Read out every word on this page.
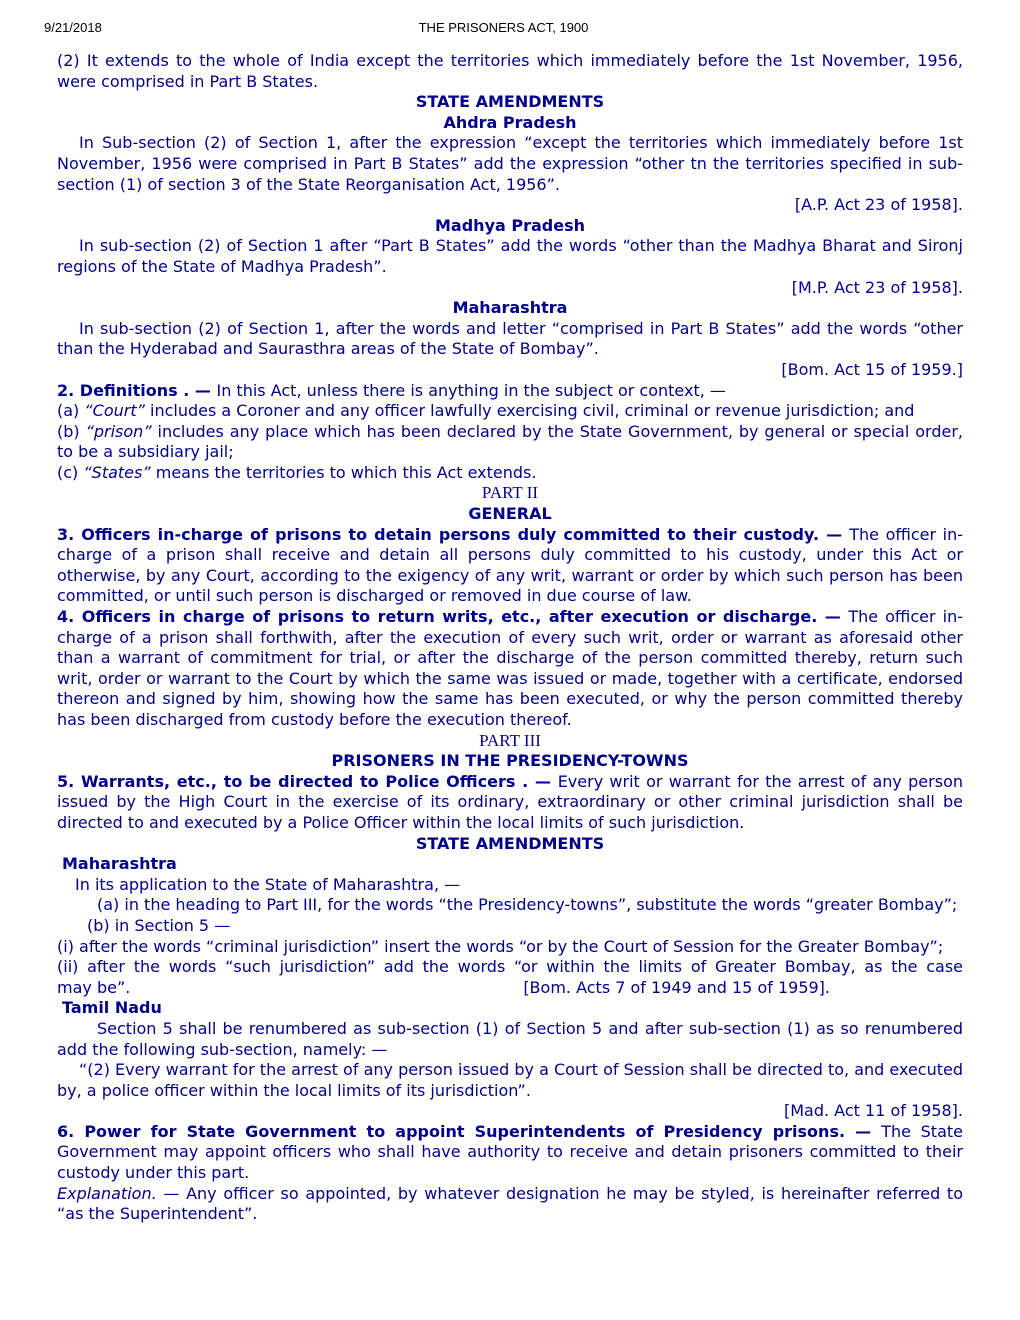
9/21/2018	THE PRISONERS ACT, 1900

(2) It extends to the whole of India except the territories which immediately before the 1st November, 1956, were comprised in Part B States.

STATE AMENDMENTS

Ahdra Pradesh

In Sub-section (2) of Section 1, after the expression “except the territories which immediately before 1st November, 1956 were comprised in Part B States” add the expression “other tn the territories specified in sub-section (1) of section 3 of the State Reorganisation Act, 1956”.

[A.P. Act 23 of 1958].

Madhya Pradesh

In sub-section (2) of Section 1 after “Part B States” add the words “other than the Madhya Bharat and Sironj regions of the State of Madhya Pradesh”.

[M.P. Act 23 of 1958].

Maharashtra

In sub-section (2) of Section 1, after the words and letter “comprised in Part B States” add the words “other than the Hyderabad and Saurasthra areas of the State of Bombay”.

[Bom. Act 15 of 1959.]

2. Definitions . — In this Act, unless there is anything in the subject or context, —

(a) “Court” includes a Coroner and any officer lawfully exercising civil, criminal or revenue jurisdiction; and

(b) “prison” includes any place which has been declared by the State Government, by general or special order, to be a subsidiary jail;

(c) “States” means the territories to which this Act extends.

PART II

GENERAL

3. Officers in-charge of prisons to detain persons duly committed to their custody. — The officer in-charge of a prison shall receive and detain all persons duly committed to his custody, under this Act or otherwise, by any Court, according to the exigency of any writ, warrant or order by which such person has been committed, or until such person is discharged or removed in due course of law.

4. Officers in charge of prisons to return writs, etc., after execution or discharge. — The officer in-charge of a prison shall forthwith, after the execution of every such writ, order or warrant as aforesaid other than a warrant of commitment for trial, or after the discharge of the person committed thereby, return such writ, order or warrant to the Court by which the same was issued or made, together with a certificate, endorsed thereon and signed by him, showing how the same has been executed, or why the person committed thereby has been discharged from custody before the execution thereof.

PART III

PRISONERS IN THE PRESIDENCY-TOWNS

5. Warrants, etc., to be directed to Police Officers . — Every writ or warrant for the arrest of any person issued by the High Court in the exercise of its ordinary, extraordinary or other criminal jurisdiction shall be directed to and executed by a Police Officer within the local limits of such jurisdiction.

STATE AMENDMENTS

Maharashtra

In its application to the State of Maharashtra, —

(a) in the heading to Part III, for the words “the Presidency-towns”, substitute the words “greater Bombay”;

(b) in Section 5 —

(i) after the words “criminal jurisdiction” insert the words “or by the Court of Session for the Greater Bombay”;

(ii) after the words “such jurisdiction” add the words “or within the limits of Greater Bombay, as the case

may be”.	[Bom. Acts 7 of 1949 and 15 of 1959].

Tamil Nadu

Section 5 shall be renumbered as sub-section (1) of Section 5 and after sub-section (1) as so renumbered add the following sub-section, namely: —

“(2) Every warrant for the arrest of any person issued by a Court of Session shall be directed to, and executed by, a police officer within the local limits of its jurisdiction”.

[Mad. Act 11 of 1958].

6. Power for State Government to appoint Superintendents of Presidency prisons. — The State Government may appoint officers who shall have authority to receive and detain prisoners committed to their custody under this part.

Explanation. — Any officer so appointed, by whatever designation he may be styled, is hereinafter referred to “as the Superintendent”.
